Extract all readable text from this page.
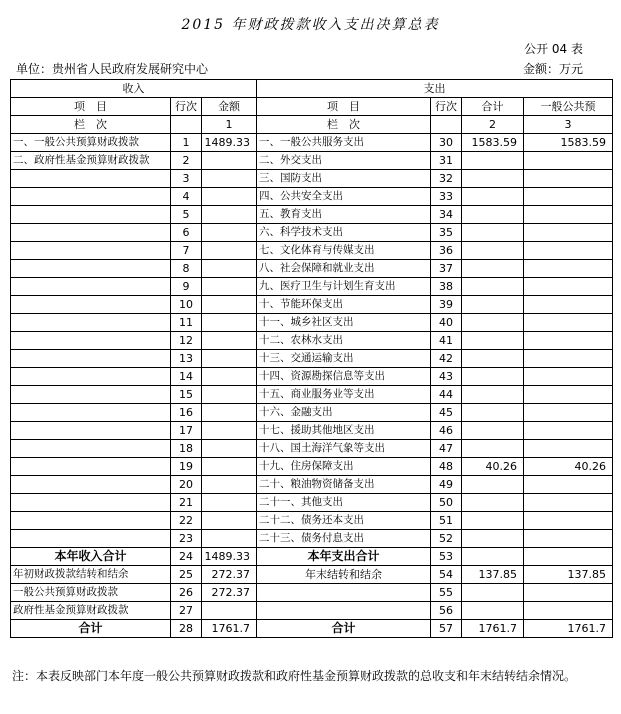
2015 年财政拨款收入支出决算总表
公开 04 表
单位：贵州省人民政府发展研究中心	金额：万元
收入			支出			
项　目	行次	金额	项　目	行次	合计	一般公共预
栏　次		1	栏　次		2	3
一、一般公共预算财政拨款	1	1489.33	一、一般公共服务支出	30	1583.59	1583.59
二、政府性基金预算财政拨款	2		二、外交支出	31		
	3		三、国防支出	32		
	4		四、公共安全支出	33		
	5		五、教育支出	34		
	6		六、科学技术支出	35		
	7		七、文化体育与传媒支出	36		
	8		八、社会保障和就业支出	37		
	9		九、医疗卫生与计划生育支出	38		
	10		十、节能环保支出	39		
	11		十一、城乡社区支出	40		
	12		十二、农林水支出	41		
	13		十三、交通运输支出	42		
	14		十四、资源勘探信息等支出	43		
	15		十五、商业服务业等支出	44		
	16		十六、金融支出	45		
	17		十七、援助其他地区支出	46		
	18		十八、国土海洋气象等支出	47		
	19		十九、住房保障支出	48	40.26	40.26
	20		二十、粮油物资储备支出	49		
	21		二十一、其他支出	50		
	22		二十二、债务还本支出	51		
	23		二十三、债务付息支出	52		
本年收入合计	24	1489.33	本年支出合计	53		
年初财政拨款结转和结余	25	272.37	年末结转和结余	54	137.85	137.85
一般公共预算财政拨款	26	272.37		55		
政府性基金预算财政拨款	27			56		
合计	28	1761.7	合计	57	1761.7	1761.7
注：本表反映部门本年度一般公共预算财政拨款和政府性基金预算财政拨款的总收支和年末结转结余情况。
